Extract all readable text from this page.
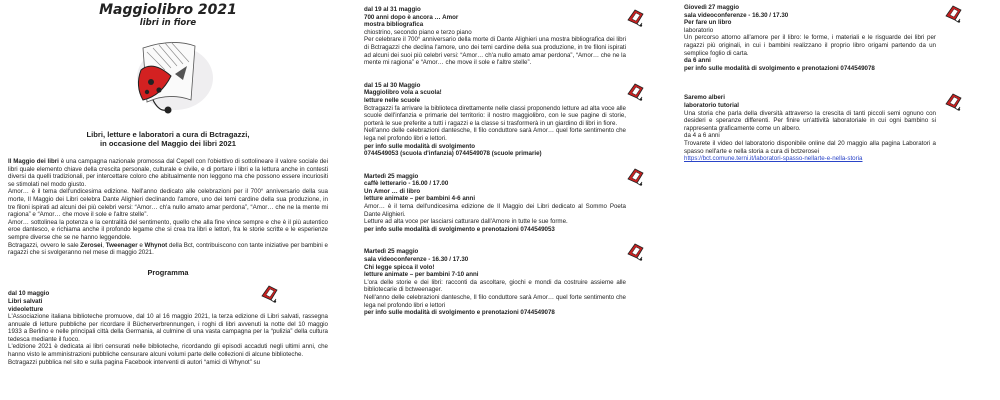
Maggiolibro 2021
libri in fiore
Libri, letture e laboratori a cura di Bctragazzi,
in occasione del Maggio dei libri 2021

Il Maggio dei libri è una campagna nazionale promossa dal Cepell con l'obiettivo di sottolineare il valore sociale dei libri quale elemento chiave della crescita personale, culturale e civile, e di portare i libri e la lettura anche in contesti diversi da quelli tradizionali, per intercettare coloro che abitualmente non leggono ma che possono essere incuriositi se stimolati nel modo giusto.

Amor… è il tema dell'undicesima edizione. Nell'anno dedicato alle celebrazioni per il 700° anniversario della sua morte, Il Maggio dei Libri celebra Dante Alighieri declinando l'amore, uno dei temi cardine della sua produzione, in tre filoni ispirati ad alcuni dei più celebri versi: “Amor… ch'a nullo amato amar perdona”, “Amor… che ne la mente mi ragiona” e “Amor… che move il sole e l'altre stelle”.

Amor… sottolinea la potenza e la centralità del sentimento, quello che alla fine vince sempre e che è il più autentico eroe dantesco, e richiama anche il profondo legame che si crea tra libri e lettori, fra le storie scritte e le esperienze sempre diverse che se ne hanno leggendole.

Bctragazzi, ovvero le sale Zerosei, Tweenager e Whynot della Bct, contribuiscono con tante iniziative per bambini e ragazzi che si svolgeranno nel mese di maggio 2021.

Programma
dal 10 maggio
Libri salvati
videoletture

L'Associazione italiana biblioteche promuove, dal 10 al 16 maggio 2021, la terza edizione di Libri salvati, rassegna annuale di letture pubbliche per ricordare il Bücherverbrennungen, i roghi di libri avvenuti la notte del 10 maggio 1933 a Berlino e nelle principali città della Germania, al culmine di una vasta campagna per la “pulizia” della cultura tedesca mediante il fuoco.

L'edizione 2021 è dedicata ai libri censurati nelle biblioteche, ricordando gli episodi accaduti negli ultimi anni, che hanno visto le amministrazioni pubbliche censurare alcuni volumi parte delle collezioni di alcune biblioteche.

Bctragazzi pubblica nel sito e sulla pagina Facebook interventi di autori “amici di Whynot” su

dal 19 al 31 maggio
700 anni dopo è ancora … Amor
mostra bibliografica
chiostrino, secondo piano e terzo piano

Per celebrare il 700° anniversario della morte di Dante Alighieri una mostra bibliografica dei libri di Bctragazzi che declina l'amore, uno dei temi cardine della sua produzione, in tre filoni ispirati ad alcuni dei suoi più celebri versi: “Amor… ch'a nullo amato amar perdona”, “Amor… che ne la mente mi ragiona” e “Amor… che move il sole e l'altre stelle”.

dal 15 al 30 Maggio
Maggiolibro vola a scuola!
letture nelle scuole

Bctragazzi fa arrivare la biblioteca direttamente nelle classi proponendo letture ad alta voce alle scuole dell'infanzia e primarie del territorio: il nostro maggiolibro, con le sue pagine di storie, porterà le sue preferite a tutti i ragazzi e la classe si trasformerà in un giardino di libri in fiore.

Nell'anno delle celebrazioni dantesche, Il filo conduttore sarà Amor… quel forte sentimento che lega nel profondo libri e lettori.

per info sulle modalità di svolgimento
0744549053 (scuola d'infanzia) 0744549078 (scuole primarie)
Martedì 25 maggio
caffè letterario - 16.00 / 17.00
Un Amor … di libro
letture animate – per bambini 4-6 anni

Amor… è il tema dell'undicesima edizione de Il Maggio dei Libri dedicato al Sommo Poeta Dante Alighieri.

Letture ad alta voce per lasciarsi catturare dall'Amore in tutte le sue forme.

per info sulle modalità di svolgimento e prenotazioni 0744549053
Martedì 25 maggio
sala videoconferenze - 16.30 / 17.30
Chi legge spicca il volo!
letture animate – per bambini 7-10 anni

L'ora delle storie e dei libri: racconti da ascoltare, giochi e mondi da costruire assieme alle bibliotecarie di bctweenager.

Nell'anno delle celebrazioni dantesche, Il filo conduttore sarà Amor… quel forte sentimento che lega nel profondo libri e lettori

per info sulle modalità di svolgimento e prenotazioni 0744549078
Giovedì 27 maggio
sala videoconferenze - 16.30 / 17.30
Per fare un libro
laboratorio

Un percorso attorno all'amore per il libro: le forme, i materiali e le risguarde dei libri per ragazzi più originali, in cui i bambini realizzano il proprio libro origami partendo da un semplice foglio di carta.

da 6 anni
per info sulle modalità di svolgimento e prenotazioni 0744549078
Saremo alberi
laboratorio tutorial

Una storia che parla della diversità attraverso la crescita di tanti piccoli semi ognuno con desideri e speranze differenti. Per finire un'attività laboratoriale in cui ogni bambino si rappresenta graficamente come un albero.

da 4 a 6 anni

Trovarete il video del laboratorio disponibile online dal 20 maggio alla pagina Laboratori a spasso nell'arte e nella storia a cura di bctzerosei

https://bct.comune.terni.it/laboratori-spasso-nellarte-e-nella-storia
